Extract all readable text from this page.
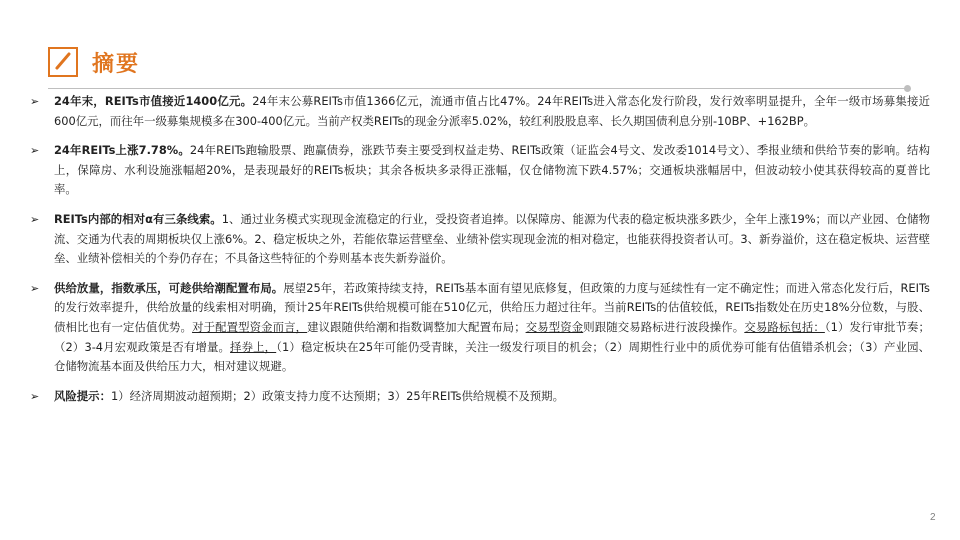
摘要
➢	24年末，REITs市值接近1400亿元。24年末公募REITs市值1366亿元，流通市值占比47%。24年REITs进入常态化发行阶段，发行效率明显提升，全年一级市场募集接近600亿元，而往年一级募集规模多在300-400亿元。当前产权类REITs的现金分派率5.02%，较红利股股息率、长久期国债利息分别-10BP、+162BP。
➢	24年REITs上涨7.78%。24年REITs跑输股票、跑赢债券，涨跌节奏主要受到权益走势、REITs政策（证监会4号文、发改委1014号文）、季报业绩和供给节奏的影响。结构上，保障房、水利设施涨幅超20%，是表现最好的REITs板块；其余各板块多录得正涨幅，仅仓储物流下跌4.57%；交通板块涨幅居中，但波动较小使其获得较高的夏普比率。
➢	REITs内部的相对α有三条线索。1、通过业务模式实现现金流稳定的行业，受投资者追捧。以保障房、能源为代表的稳定板块涨多跌少，全年上涨19%；而以产业园、仓储物流、交通为代表的周期板块仅上涨6%。2、稳定板块之外，若能依靠运营壁垒、业绩补偿实现现金流的相对稳定，也能获得投资者认可。3、新券溢价，这在稳定板块、运营壁垒、业绩补偿相关的个券仍存在；不具备这些特征的个券则基本丧失新券溢价。
➢	供给放量，指数承压，可趁供给潮配置布局。展望25年，若政策持续支持，REITs基本面有望见底修复，但政策的力度与延续性有一定不确定性；而进入常态化发行后，REITs的发行效率提升，供给放量的线索相对明确，预计25年REITs供给规模可能在510亿元，供给压力超过往年。当前REITs的估值较低，REITs指数处在历史18%分位数，与股、债相比也有一定估值优势。对于配置型资金而言，建议跟随供给潮和指数调整加大配置布局；交易型资金则跟随交易路标进行波段操作。交易路标包括：（1）发行审批节奏；（2）3-4月宏观政策是否有增量。择券上，（1）稳定板块在25年可能仍受青睐，关注一级发行项目的机会；（2）周期性行业中的质优券可能有估值错杀机会；（3）产业园、仓储物流基本面及供给压力大，相对建议规避。
➢	风险提示：1）经济周期波动超预期；2）政策支持力度不达预期；3）25年REITs供给规模不及预期。
2
